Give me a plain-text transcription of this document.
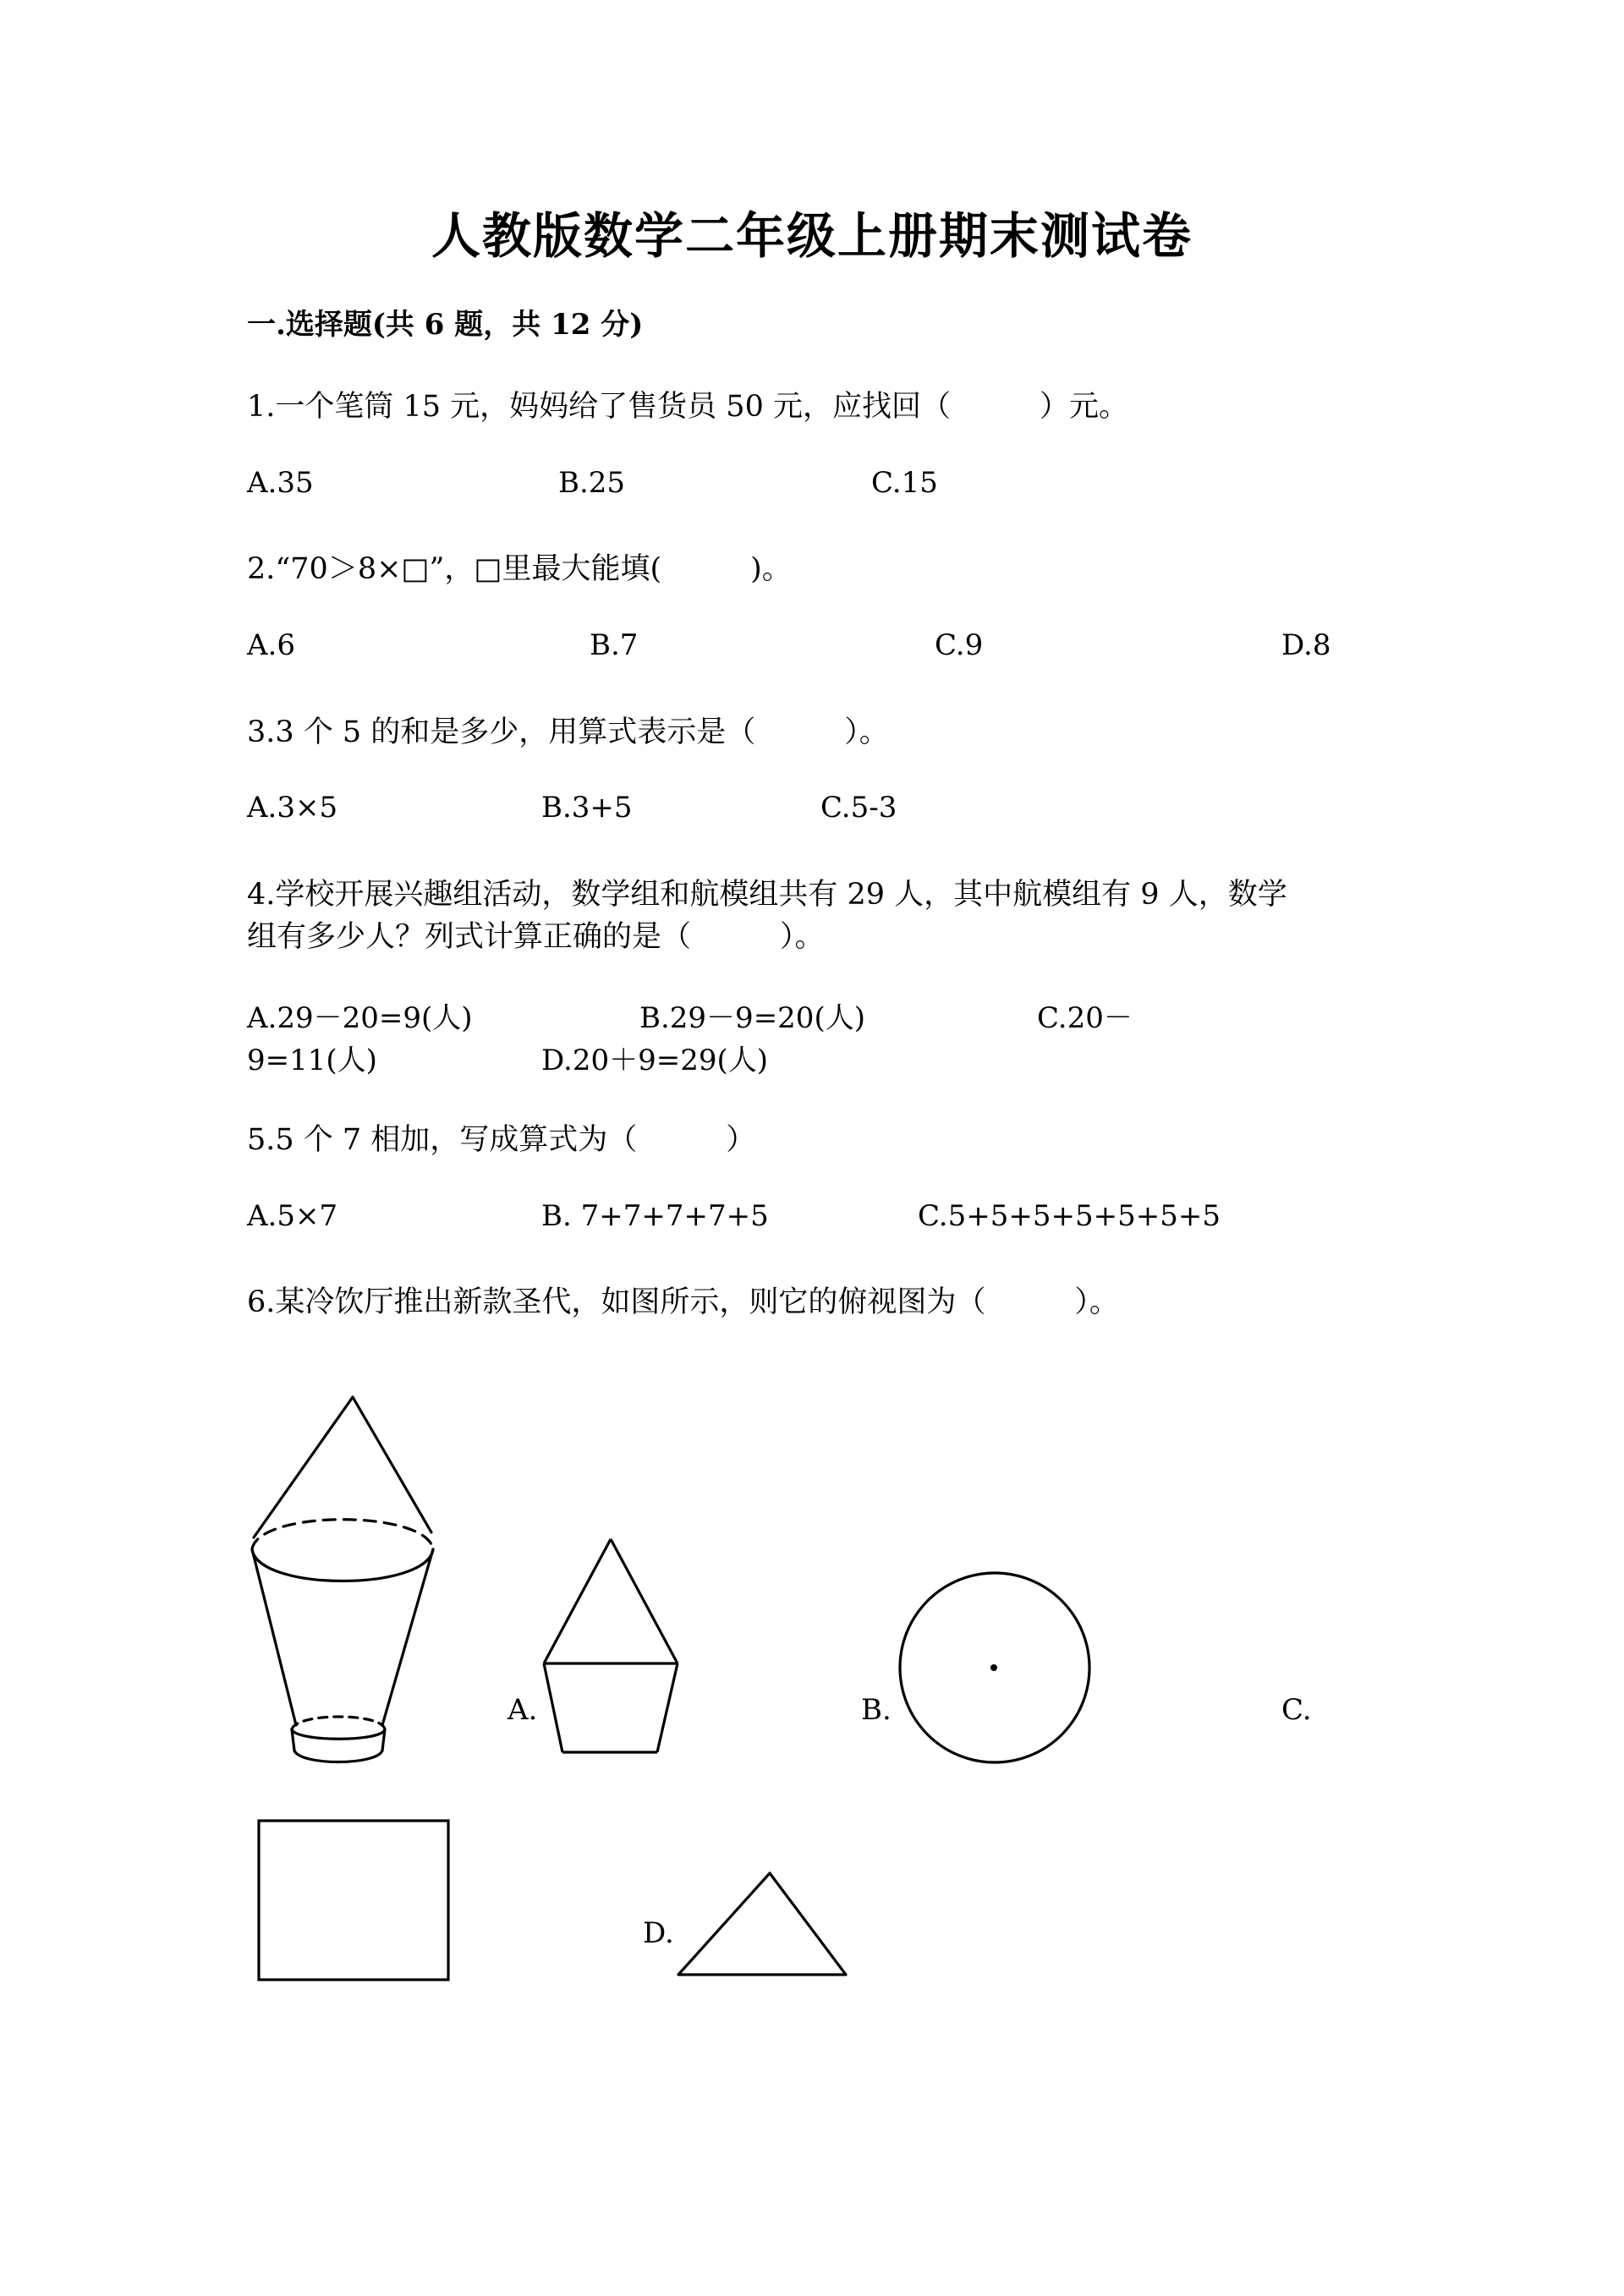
人教版数学二年级上册期末测试卷
一.选择题(共 6 题，共 12 分)
1.一个笔筒 15 元，妈妈给了售货员 50 元，应找回（　　　）元。
A.35	B.25	C.15
2.“70＞8×□”，□里最大能填(　　　)。
A.6	B.7	C.9	D.8
3.3 个 5 的和是多少，用算式表示是（　　　）。
A.3×5	B.3+5	C.5-3
4.学校开展兴趣组活动，数学组和航模组共有 29 人，其中航模组有 9 人，数学
组有多少人？列式计算正确的是（　　　）。
A.29－20=9(人)	B.29－9=20(人)	C.20－
9=11(人)	D.20＋9=29(人)
5.5 个 7 相加，写成算式为（　　　）
A.5×7	B. 7+7+7+7+5	C.5+5+5+5+5+5+5
6.某冷饮厅推出新款圣代，如图所示，则它的俯视图为（　　　）。
A.	B.	C.
D.
